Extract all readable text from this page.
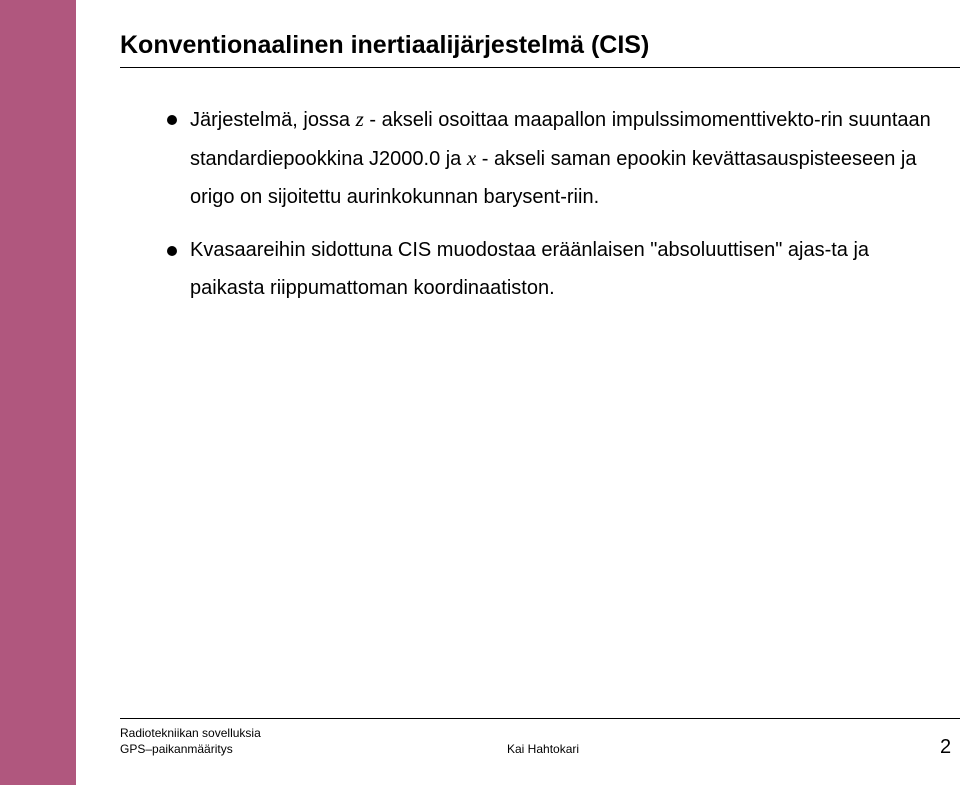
Konventionaalinen inertiaalijärjestelmä (CIS)
Järjestelmä, jossa z - akseli osoittaa maapallon impulssimomenttivekto-rin suuntaan standardiepookkina J2000.0 ja x - akseli saman epookin kevättasauspisteeseen ja origo on sijoitettu aurinkokunnan barysent-riin.
Kvasaareihin sidottuna CIS muodostaa eräänlaisen "absoluuttisen" ajas-ta ja paikasta riippumattoman koordinaatiston.
Radiotekniikan sovelluksia
GPS–paikanmääritys	Kai Hahtokari	2
